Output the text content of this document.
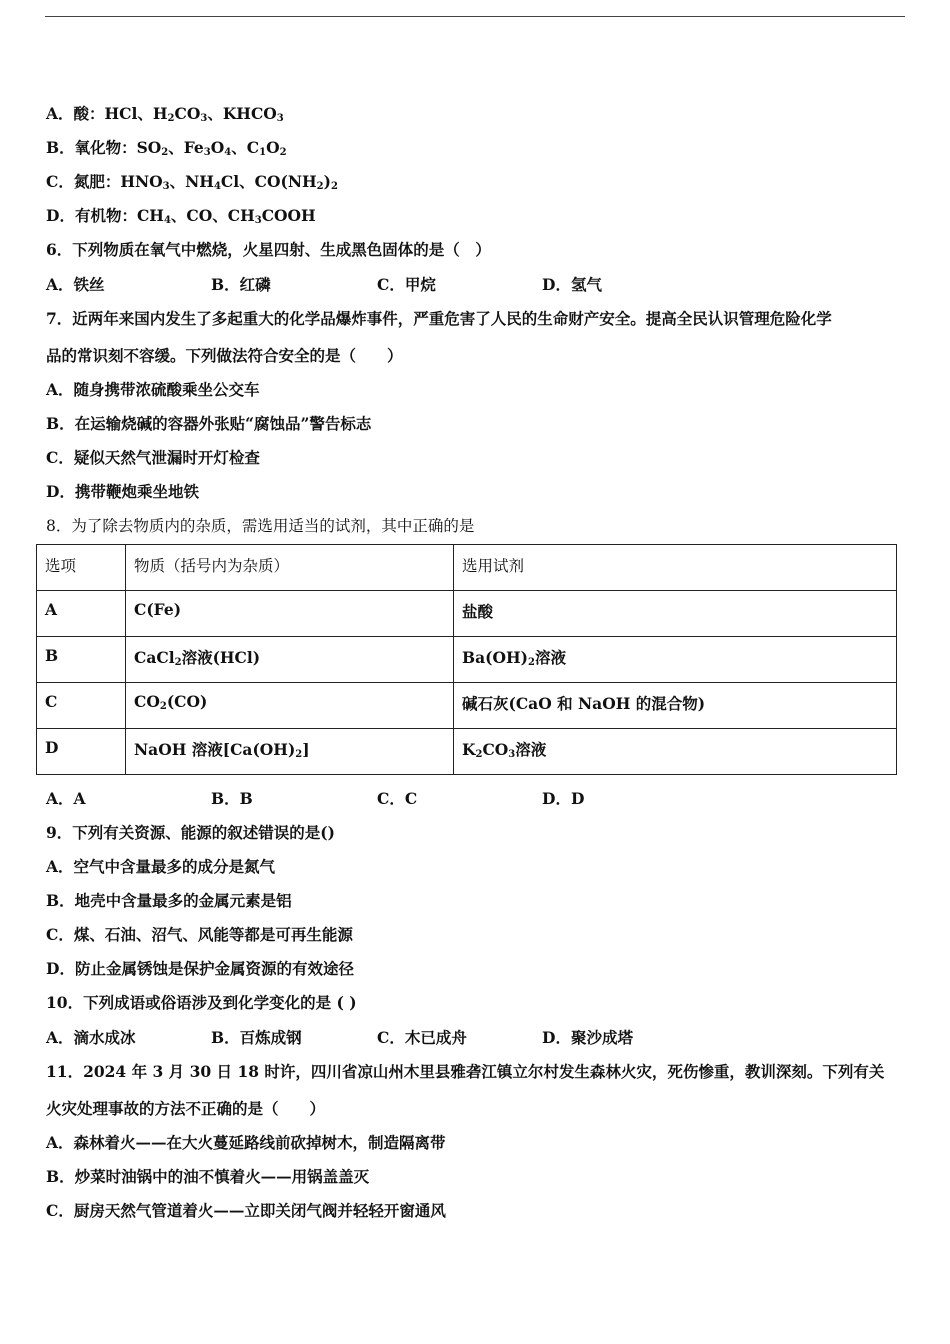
A．酸：HCl、$H_2CO_3$、$KHCO_3$
B．氧化物：$SO_2$、$Fe_3O_4$、$C_1O_2$
C．氮肥：$HNO_3$、$NH_4Cl$、$CO(NH_2)_2$
D．有机物：$CH_4$、CO、$CH_3COOH$
6．下列物质在氧气中燃烧，火星四射、生成黑色固体的是（　）
A．铁丝	B．红磷	C．甲烷	D．氢气
7．近两年来国内发生了多起重大的化学品爆炸事件，严重危害了人民的生命财产安全。提高全民认识管理危险化学
品的常识刻不容缓。下列做法符合安全的是（　　）
A．随身携带浓硫酸乘坐公交车
B．在运输烧碱的容器外张贴“腐蚀品”警告标志
C．疑似天然气泄漏时开灯检查
D．携带鞭炮乘坐地铁
8．为了除去物质内的杂质，需选用适当的试剂，其中正确的是
选项	物质（括号内为杂质）	选用试剂
A	C(Fe)	盐酸
B	CaCl$_2$溶液(HCl)	$Ba(OH)_2$溶液
C	$CO_2(CO)$	碱石灰(CaO 和 NaOH 的混合物)
D	NaOH 溶液$[Ca(OH)_2]$	$K_2CO_3$溶液
A．A	B．B	C．C	D．D
9．下列有关资源、能源的叙述错误的是()
A．空气中含量最多的成分是氮气
B．地壳中含量最多的金属元素是铝
C．煤、石油、沼气、风能等都是可再生能源
D．防止金属锈蚀是保护金属资源的有效途径
10．下列成语或俗语涉及到化学变化的是 ( )
A．滴水成冰	B．百炼成钢	C．木已成舟	D．聚沙成塔
11．2024 年 3 月 30 日 18 时许，四川省凉山州木里县雅砻江镇立尔村发生森林火灾，死伤惨重，教训深刻。下列有关
火灾处理事故的方法不正确的是（　　）
A．森林着火——在大火蔓延路线前砍掉树木，制造隔离带
B．炒菜时油锅中的油不慎着火——用锅盖盖灭
C．厨房天然气管道着火——立即关闭气阀并轻轻开窗通风
